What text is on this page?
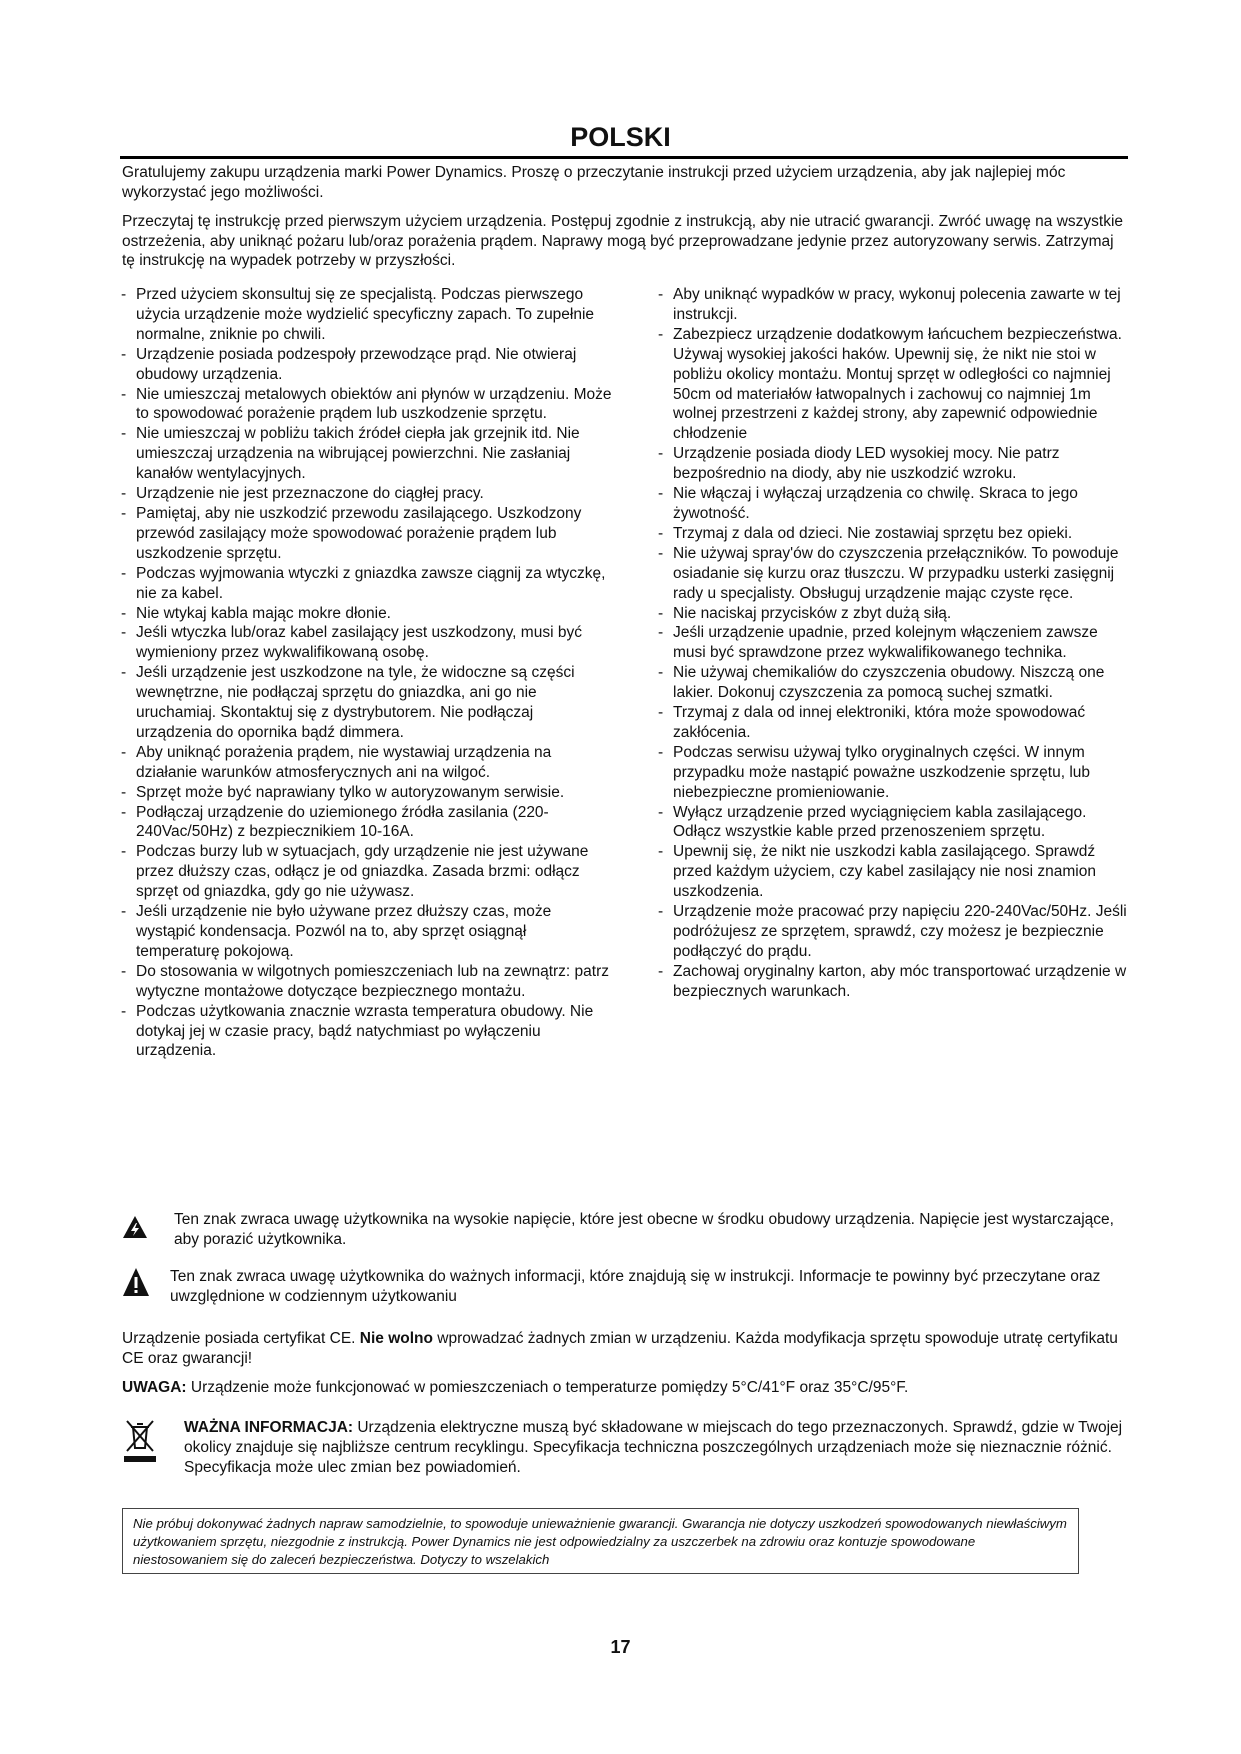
POLSKI

Gratulujemy zakupu urządzenia marki Power Dynamics. Proszę o przeczytanie instrukcji przed użyciem urządzenia, aby jak najlepiej móc wykorzystać jego możliwości.

Przeczytaj tę instrukcję przed pierwszym użyciem urządzenia. Postępuj zgodnie z instrukcją, aby nie utracić gwarancji. Zwróć uwagę na wszystkie ostrzeżenia, aby uniknąć pożaru lub/oraz porażenia prądem. Naprawy mogą być przeprowadzane jedynie przez autoryzowany serwis. Zatrzymaj tę instrukcję na wypadek potrzeby w przyszłości.

- Przed użyciem skonsultuj się ze specjalistą. Podczas pierwszego użycia urządzenie może wydzielić specyficzny zapach. To zupełnie normalne, zniknie po chwili.
- Urządzenie posiada podzespoły przewodzące prąd. Nie otwieraj obudowy urządzenia.
- Nie umieszczaj metalowych obiektów ani płynów w urządzeniu. Może to spowodować porażenie prądem lub uszkodzenie sprzętu.
- Nie umieszczaj w pobliżu takich źródeł ciepła jak grzejnik itd. Nie umieszczaj urządzenia na wibrującej powierzchni. Nie zasłaniaj kanałów wentylacyjnych.
- Urządzenie nie jest przeznaczone do ciągłej pracy.
- Pamiętaj, aby nie uszkodzić przewodu zasilającego. Uszkodzony przewód zasilający może spowodować porażenie prądem lub uszkodzenie sprzętu.
- Podczas wyjmowania wtyczki z gniazdka zawsze ciągnij za wtyczkę, nie za kabel.
- Nie wtykaj kabla mając mokre dłonie.
- Jeśli wtyczka lub/oraz kabel zasilający jest uszkodzony, musi być wymieniony przez wykwalifikowaną osobę.
- Jeśli urządzenie jest uszkodzone na tyle, że widoczne są części wewnętrzne, nie podłączaj sprzętu do gniazdka, ani go nie uruchamiaj. Skontaktuj się z dystrybutorem. Nie podłączaj urządzenia do opornika bądź dimmera.
- Aby uniknąć porażenia prądem, nie wystawiaj urządzenia na działanie warunków atmosferycznych ani na wilgoć.
- Sprzęt może być naprawiany tylko w autoryzowanym serwisie.
- Podłączaj urządzenie do uziemionego źródła zasilania (220-240Vac/50Hz) z bezpiecznikiem 10-16A.
- Podczas burzy lub w sytuacjach, gdy urządzenie nie jest używane przez dłuższy czas, odłącz je od gniazdka. Zasada brzmi: odłącz sprzęt od gniazdka, gdy go nie używasz.
- Jeśli urządzenie nie było używane przez dłuższy czas, może wystąpić kondensacja. Pozwól na to, aby sprzęt osiągnął temperaturę pokojową.
- Do stosowania w wilgotnych pomieszczeniach lub na zewnątrz: patrz wytyczne montażowe dotyczące bezpiecznego montażu.
- Podczas użytkowania znacznie wzrasta temperatura obudowy. Nie dotykaj jej w czasie pracy, bądź natychmiast po wyłączeniu urządzenia.
- Aby uniknąć wypadków w pracy, wykonuj polecenia zawarte w tej instrukcji.
- Zabezpiecz urządzenie dodatkowym łańcuchem bezpieczeństwa. Używaj wysokiej jakości haków. Upewnij się, że nikt nie stoi w pobliżu okolicy montażu. Montuj sprzęt w odległości co najmniej 50cm od materiałów łatwopalnych i zachowuj co najmniej 1m wolnej przestrzeni z każdej strony, aby zapewnić odpowiednie chłodzenie
- Urządzenie posiada diody LED wysokiej mocy. Nie patrz bezpośrednio na diody, aby nie uszkodzić wzroku.
- Nie włączaj i wyłączaj urządzenia co chwilę. Skraca to jego żywotność.
- Trzymaj z dala od dzieci. Nie zostawiaj sprzętu bez opieki.
- Nie używaj spray'ów do czyszczenia przełączników. To powoduje osiadanie się kurzu oraz tłuszczu. W przypadku usterki zasięgnij rady u specjalisty. Obsługuj urządzenie mając czyste ręce.
- Nie naciskaj przycisków z zbyt dużą siłą.
- Jeśli urządzenie upadnie, przed kolejnym włączeniem zawsze musi być sprawdzone przez wykwalifikowanego technika.
- Nie używaj chemikaliów do czyszczenia obudowy. Niszczą one lakier. Dokonuj czyszczenia za pomocą suchej szmatki.
- Trzymaj z dala od innej elektroniki, która może spowodować zakłócenia.
- Podczas serwisu używaj tylko oryginalnych części. W innym przypadku może nastąpić poważne uszkodzenie sprzętu, lub niebezpieczne promieniowanie.
- Wyłącz urządzenie przed wyciągnięciem kabla zasilającego. Odłącz wszystkie kable przed przenoszeniem sprzętu.
- Upewnij się, że nikt nie uszkodzi kabla zasilającego. Sprawdź przed każdym użyciem, czy kabel zasilający nie nosi znamion uszkodzenia.
- Urządzenie może pracować przy napięciu 220-240Vac/50Hz. Jeśli podróżujesz ze sprzętem, sprawdź, czy możesz je bezpiecznie podłączyć do prądu.
- Zachowaj oryginalny karton, aby móc transportować urządzenie w bezpiecznych warunkach.
Ten znak zwraca uwagę użytkownika na wysokie napięcie, które jest obecne w środku obudowy urządzenia. Napięcie jest wystarczające, aby porazić użytkownika.
Ten znak zwraca uwagę użytkownika do ważnych informacji, które znajdują się w instrukcji. Informacje te powinny być przeczytane oraz uwzględnione w codziennym użytkowaniu

Urządzenie posiada certyfikat CE. Nie wolno wprowadzać żadnych zmian w urządzeniu. Każda modyfikacja sprzętu spowoduje utratę certyfikatu CE oraz gwarancji!

UWAGA: Urządzenie może funkcjonować w pomieszczeniach o temperaturze pomiędzy 5°C/41°F oraz 35°C/95°F.

WAŻNA INFORMACJA: Urządzenia elektryczne muszą być składowane w miejscach do tego przeznaczonych. Sprawdź, gdzie w Twojej okolicy znajduje się najbliższe centrum recyklingu. Specyfikacja techniczna poszczególnych urządzeniach może się nieznacznie różnić. Specyfikacja może ulec zmian bez powiadomień.
Nie próbuj dokonywać żadnych napraw samodzielnie, to spowoduje unieważnienie gwarancji. Gwarancja nie dotyczy uszkodzeń spowodowanych niewłaściwym użytkowaniem sprzętu, niezgodnie z instrukcją. Power Dynamics nie jest odpowiedzialny za uszczerbek na zdrowiu oraz kontuzje spowodowane niestosowaniem się do zaleceń bezpieczeństwa. Dotyczy to wszelakich
17
